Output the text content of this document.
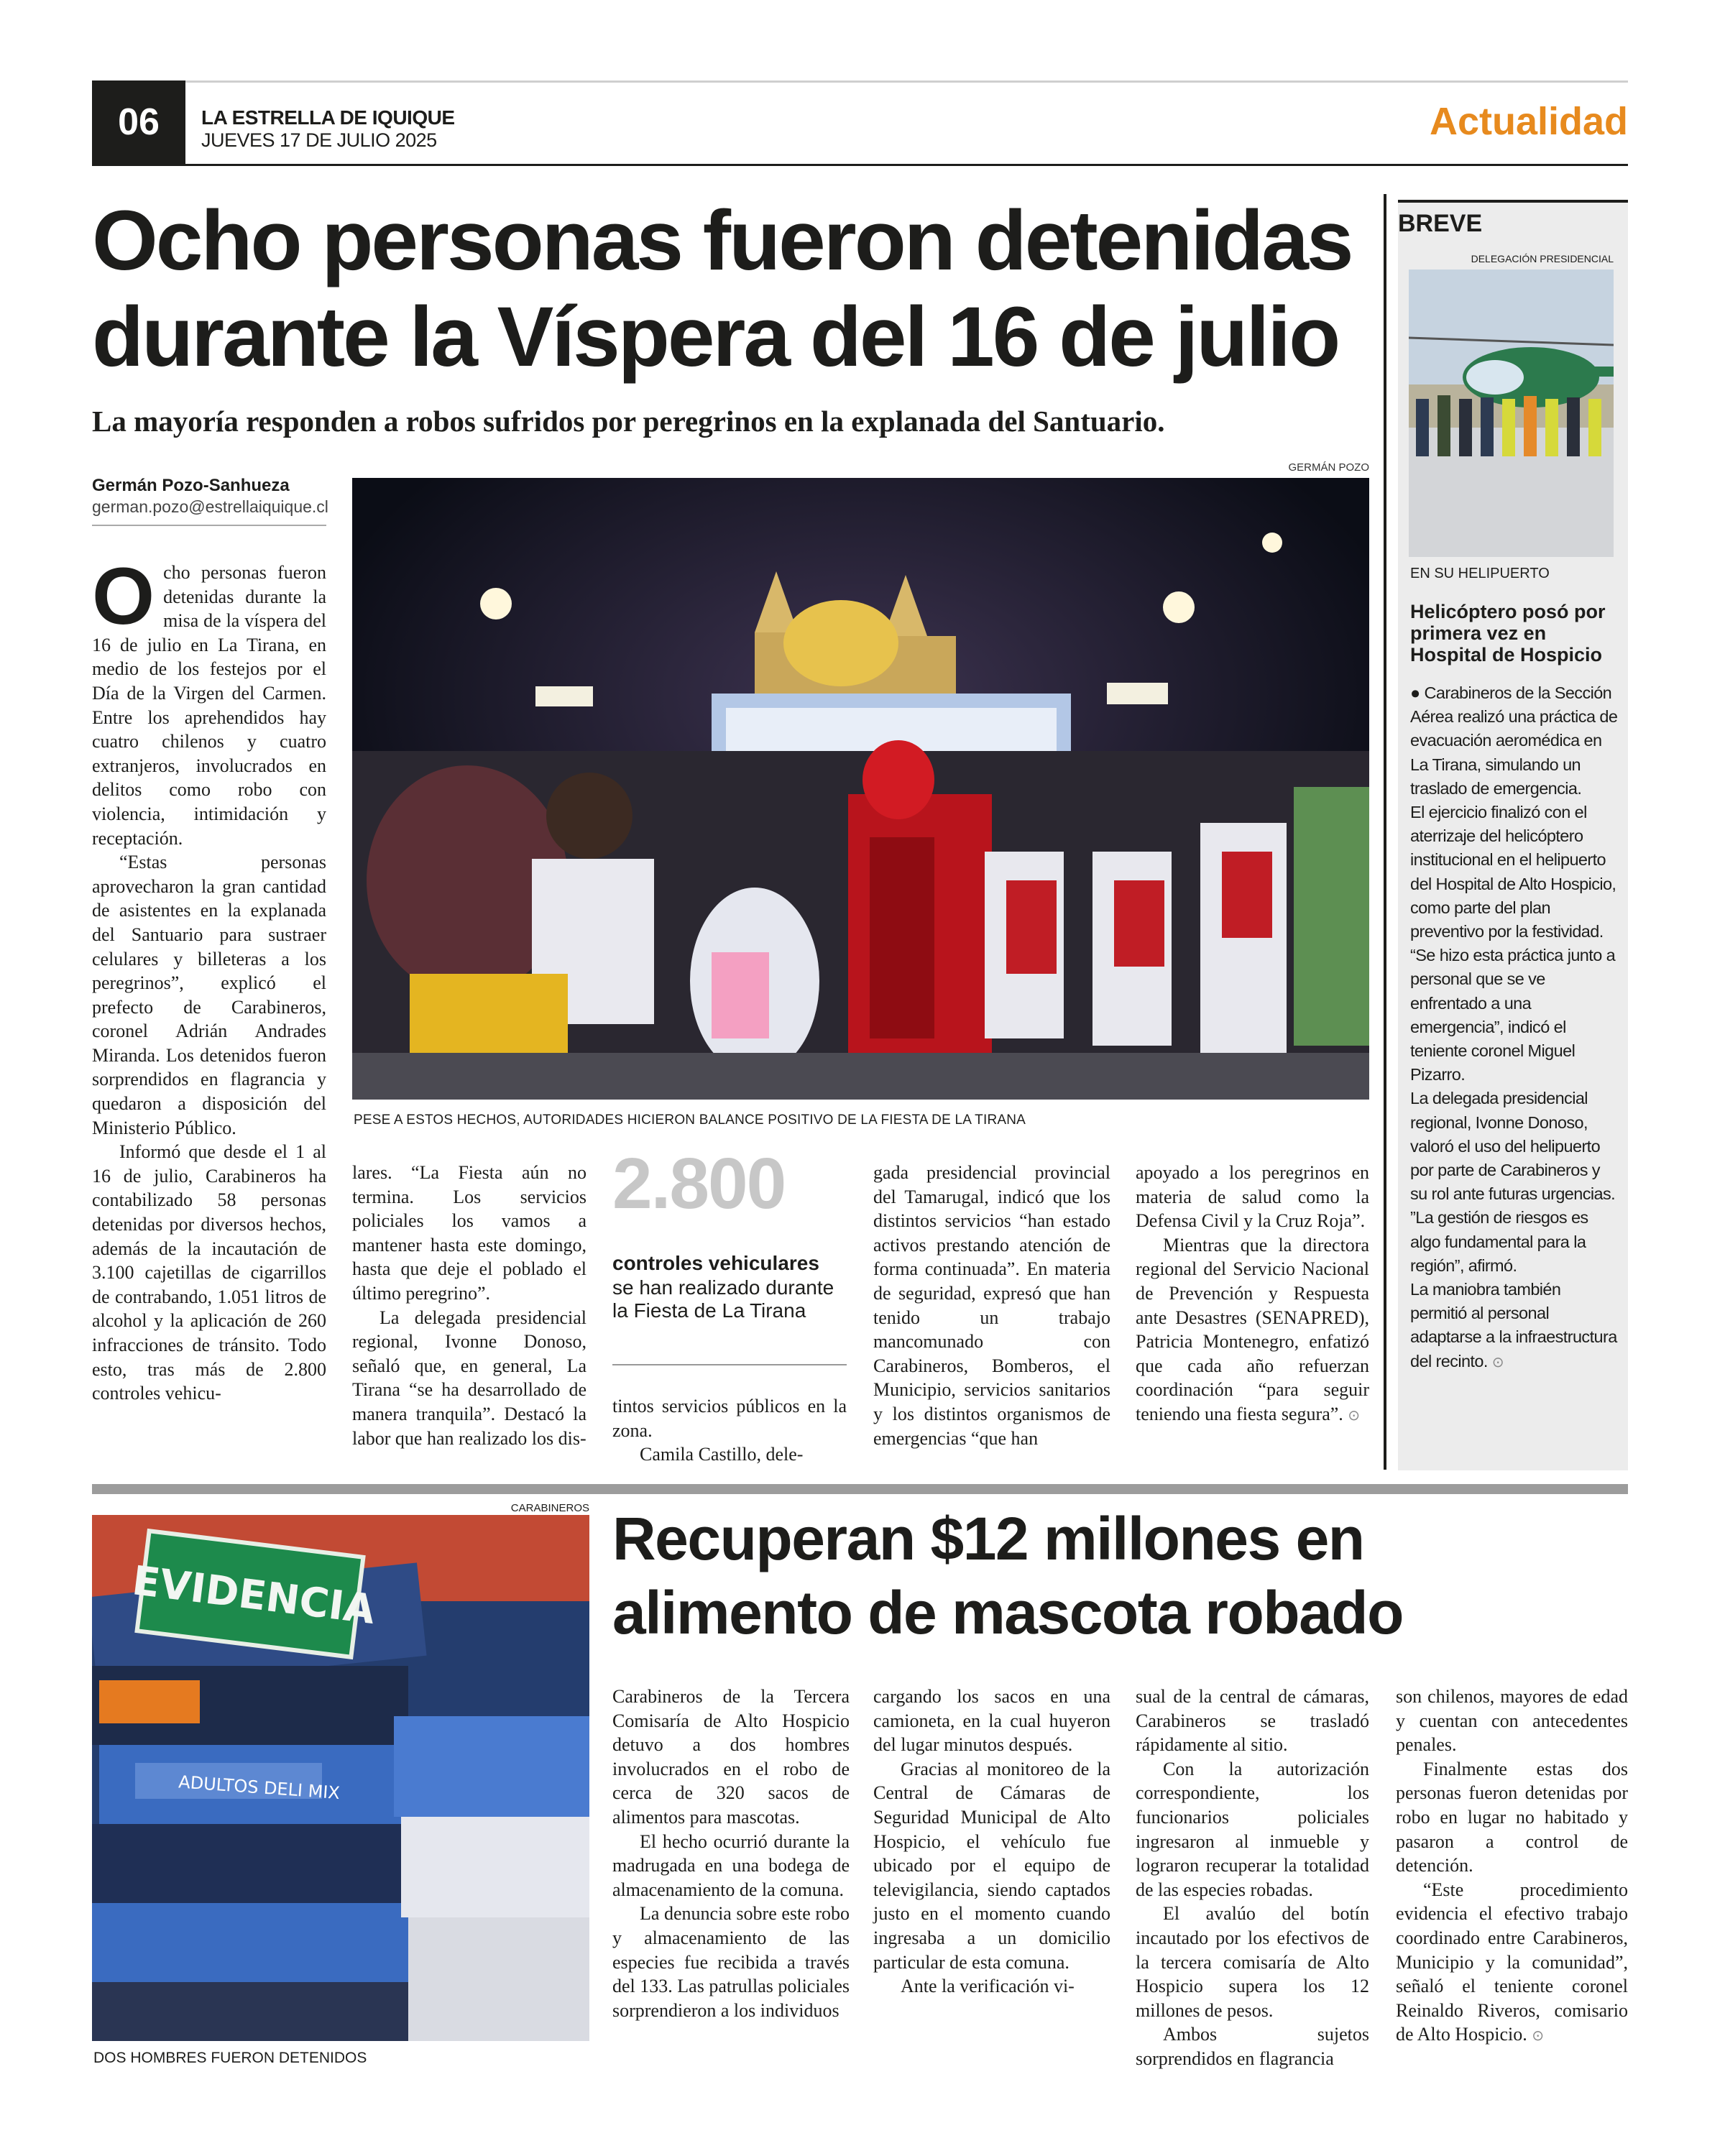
06	LA ESTRELLA DE IQUIQUE
JUEVES 17 DE JULIO 2025	Actualidad
Ocho personas fueron detenidas durante la Víspera del 16 de julio
La mayoría responden a robos sufridos por peregrinos en la explanada del Santuario.
Germán Pozo-Sanhueza
german.pozo@estrellaiquique.cl
GERMÁN POZO
PESE A ESTOS HECHOS, AUTORIDADES HICIERON BALANCE POSITIVO DE LA FIESTA DE LA TIRANA

Ocho personas fueron detenidas durante la misa de la víspera del 16 de julio en La Tirana, en medio de los festejos por el Día de la Virgen del Carmen. Entre los aprehendidos hay cuatro chilenos y cuatro extranjeros, involucrados en delitos como robo con violencia, intimidación y receptación.

“Estas personas aprovecharon la gran cantidad de asistentes en la explanada del Santuario para sustraer celulares y billeteras a los peregrinos”, explicó el prefecto de Carabineros, coronel Adrián Andrades Miranda. Los detenidos fueron sorprendidos en flagrancia y quedaron a disposición del Ministerio Público.

Informó que desde el 1 al 16 de julio, Carabineros ha contabilizado 58 personas detenidas por diversos hechos, además de la incautación de 3.100 cajetillas de cigarrillos de contrabando, 1.051 litros de alcohol y la aplicación de 260 infracciones de tránsito. Todo esto, tras más de 2.800 controles vehicu-

lares. “La Fiesta aún no termina. Los servicios policiales los vamos a mantener hasta este domingo, hasta que deje el poblado el último peregrino”.

La delegada presidencial regional, Ivonne Donoso, señaló que, en general, La Tirana “se ha desarrollado de manera tranquila”. Destacó la labor que han realizado los dis-

2.800
controles vehiculares
se han realizado durante la Fiesta de La Tirana

tintos servicios públicos en la zona.

Camila Castillo, dele-

gada presidencial provincial del Tamarugal, indicó que los distintos servicios “han estado activos prestando atención de forma continuada”. En materia de seguridad, expresó que han tenido un trabajo mancomunado con Carabineros, Bomberos, el Municipio, servicios sanitarios y los distintos organismos de emergencias “que han

apoyado a los peregrinos en materia de salud como la Defensa Civil y la Cruz Roja”.

Mientras que la directora regional del Servicio Nacional de Prevención y Respuesta ante Desastres (SENAPRED), Patricia Montenegro, enfatizó que cada año refuerzan coordinación “para seguir teniendo una fiesta segura”. ⊙

BREVE
DELEGACIÓN PRESIDENCIAL
EN SU HELIPUERTO
Helicóptero posó por primera vez en Hospital de Hospicio

● Carabineros de la Sección Aérea realizó una práctica de evacuación aeromédica en La Tirana, simulando un traslado de emergencia.

El ejercicio finalizó con el aterrizaje del helicóptero institucional en el helipuerto del Hospital de Alto Hospicio, como parte del plan preventivo por la festividad.

“Se hizo esta práctica junto a personal que se ve enfrentado a una emergencia”, indicó el teniente coronel Miguel Pizarro.

La delegada presidencial regional, Ivonne Donoso, valoró el uso del helipuerto por parte de Carabineros y su rol ante futuras urgencias.

”La gestión de riesgos es algo fundamental para la región”, afirmó.

La maniobra también permitió al personal adaptarse a la infraestructura del recinto. ⊙

CARABINEROS
EVIDENCIA
ADULTOS DELI MIX
DOS HOMBRES FUERON DETENIDOS
Recuperan $12 millones en alimento de mascota robado

Carabineros de la Tercera Comisaría de Alto Hospicio detuvo a dos hombres involucrados en el robo de cerca de 320 sacos de alimentos para mascotas.

El hecho ocurrió durante la madrugada en una bodega de almacenamiento de la comuna.

La denuncia sobre este robo y almacenamiento de las especies fue recibida a través del 133. Las patrullas policiales sorprendieron a los individuos

cargando los sacos en una camioneta, en la cual huyeron del lugar minutos después.

Gracias al monitoreo de la Central de Cámaras de Seguridad Municipal de Alto Hospicio, el vehículo fue ubicado por el equipo de televigilancia, siendo captados justo en el momento cuando ingresaba a un domicilio particular de esta comuna.

Ante la verificación vi-

sual de la central de cámaras, Carabineros se trasladó rápidamente al sitio.

Con la autorización correspondiente, los funcionarios policiales ingresaron al inmueble y lograron recuperar la totalidad de las especies robadas.

El avalúo del botín incautado por los efectivos de la tercera comisaría de Alto Hospicio supera los 12 millones de pesos.

Ambos sujetos sorprendidos en flagrancia

son chilenos, mayores de edad y cuentan con antecedentes penales.

Finalmente estas dos personas fueron detenidas por robo en lugar no habitado y pasaron a control de detención.

“Este procedimiento evidencia el efectivo trabajo coordinado entre Carabineros, Municipio y la comunidad”, señaló el teniente coronel Reinaldo Riveros, comisario de Alto Hospicio. ⊙
